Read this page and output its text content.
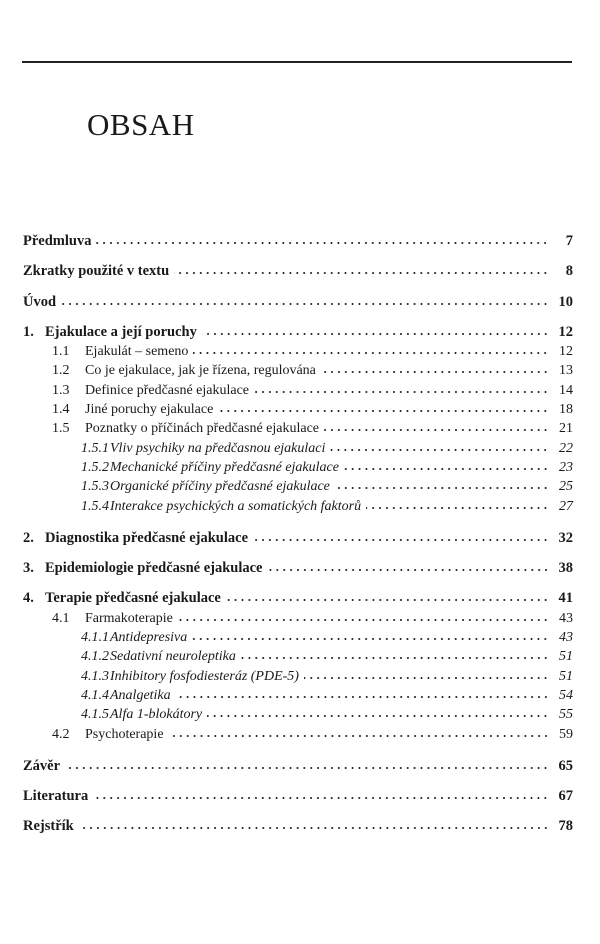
OBSAH
Předmluva	7
Zkratky použité v textu	8
Úvod	10
1. Ejakulace a její poruchy	12
1.1	Ejakulát – semeno	12
1.2	Co je ejakulace, jak je řízena, regulována	13
1.3	Definice předčasné ejakulace	14
1.4	Jiné poruchy ejakulace	18
1.5	Poznatky o příčinách předčasné ejakulace	21
1.5.1 Vliv psychiky na předčasnou ejakulaci	22
1.5.2 Mechanické příčiny předčasné ejakulace	23
1.5.3 Organické příčiny předčasné ejakulace	25
1.5.4 Interakce psychických a somatických faktorů	27
2. Diagnostika předčasné ejakulace	32
3. Epidemiologie předčasné ejakulace	38
4. Terapie předčasné ejakulace	41
4.1	Farmakoterapie	43
4.1.1 Antidepresiva	43
4.1.2 Sedativní neuroleptika	51
4.1.3 Inhibitory fosfodiesteráz (PDE-5)	51
4.1.4 Analgetika	54
4.1.5 Alfa 1-blokátory	55
4.2	Psychoterapie	59
Závěr	65
Literatura	67
Rejstřík	78
